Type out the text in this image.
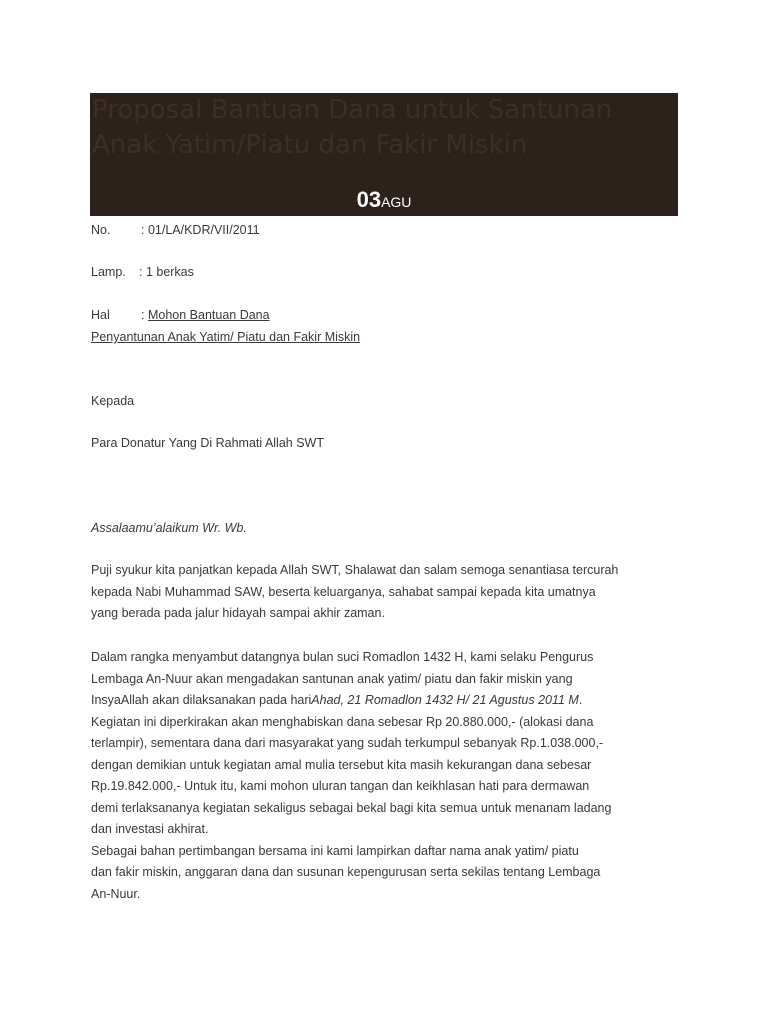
Proposal Bantuan Dana untuk Santunan Anak Yatim/Piatu dan Fakir Miskin
03AGU
No. : 01/LA/KDR/VII/2011
Lamp. : 1 berkas
Hal : Mohon Bantuan Dana
Penyantunan Anak Yatim/ Piatu dan Fakir Miskin
Kepada
Para Donatur Yang Di Rahmati Allah SWT
Assalaamu’alaikum Wr. Wb.
Puji syukur kita panjatkan kepada Allah SWT, Shalawat dan salam semoga senantiasa tercurah
kepada Nabi Muhammad SAW, beserta keluarganya, sahabat sampai kepada kita umatnya
yang berada pada jalur hidayah sampai akhir zaman.
Dalam rangka menyambut datangnya bulan suci Romadlon 1432 H, kami selaku Pengurus
Lembaga An-Nuur akan mengadakan santunan anak yatim/ piatu dan fakir miskin yang
InsyaAllah akan dilaksanakan pada hariAhad, 21 Romadlon 1432 H/ 21 Agustus 2011 M.
Kegiatan ini diperkirakan akan menghabiskan dana sebesar Rp 20.880.000,- (alokasi dana
terlampir), sementara dana dari masyarakat yang sudah terkumpul sebanyak Rp.1.038.000,-
dengan demikian untuk kegiatan amal mulia tersebut kita masih kekurangan dana sebesar
Rp.19.842.000,- Untuk itu, kami mohon uluran tangan dan keikhlasan hati para dermawan
demi terlaksananya kegiatan sekaligus sebagai bekal bagi kita semua untuk menanam ladang
dan investasi akhirat.
Sebagai bahan pertimbangan bersama ini kami lampirkan daftar nama anak yatim/ piatu
dan fakir miskin, anggaran dana dan susunan kepengurusan serta sekilas tentang Lembaga
An-Nuur.
